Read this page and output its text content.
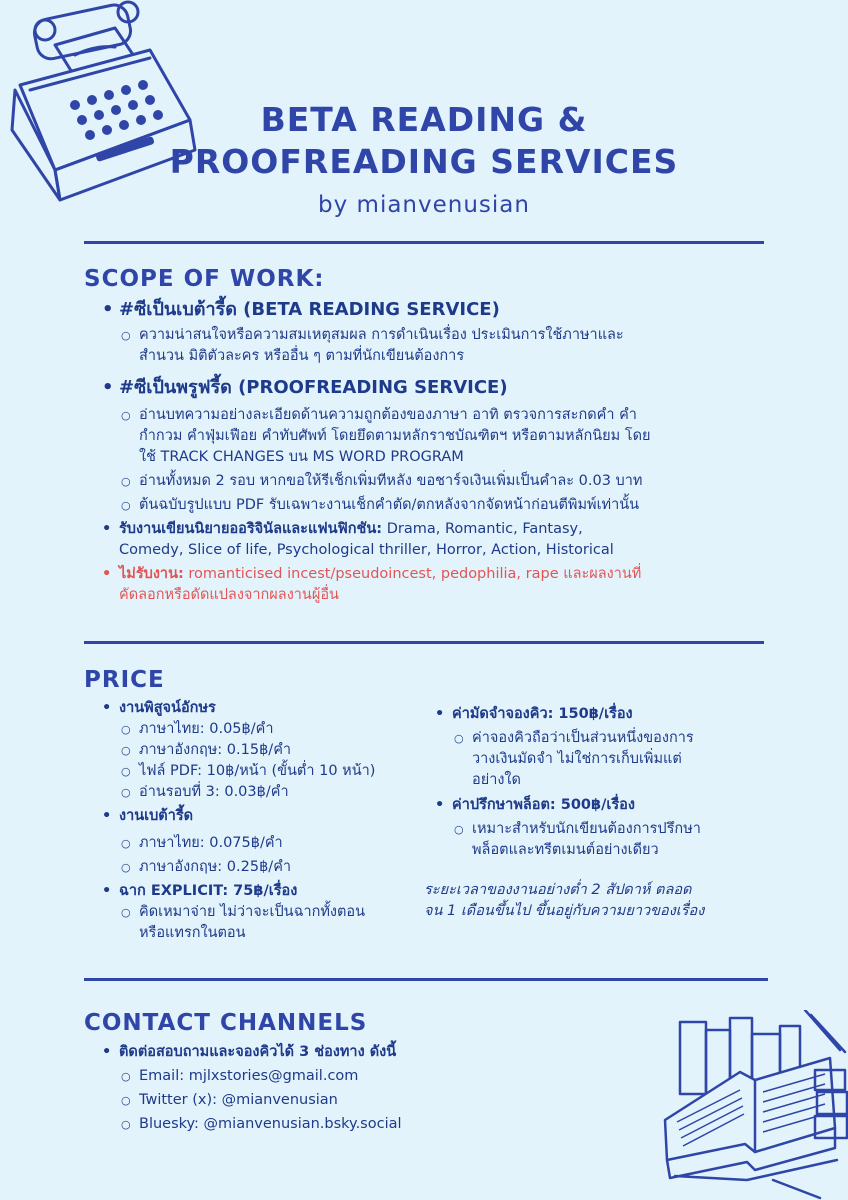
BETA READING &
PROOFREADING SERVICES
by mianvenusian
SCOPE OF WORK:
• #ซีเป็นเบต้ารี้ด (BETA READING SERVICE)
○ ความน่าสนใจหรือความสมเหตุสมผล การดำเนินเรื่อง ประเมินการใช้ภาษาและ
สำนวน มิติตัวละคร หรืออื่น ๆ ตามที่นักเขียนต้องการ
• #ซีเป็นพรูฟรี้ด (PROOFREADING SERVICE)
○ อ่านบทความอย่างละเอียดด้านความถูกต้องของภาษา อาทิ ตรวจการสะกดคำ คำ
กำกวม คำฟุ่มเฟือย คำทับศัพท์ โดยยึดตามหลักราชบัณฑิตฯ หรือตามหลักนิยม โดย
ใช้ TRACK CHANGES บน MS WORD PROGRAM
○ อ่านทั้งหมด 2 รอบ หากขอให้รีเช็กเพิ่มทีหลัง ขอชาร์จเงินเพิ่มเป็นคำละ 0.03 บาท
○ ต้นฉบับรูปแบบ PDF รับเฉพาะงานเช็กคำตัด/ตกหลังจากจัดหน้าก่อนตีพิมพ์เท่านั้น
• รับงานเขียนนิยายออริจินัลและแฟนฟิกชัน: Drama, Romantic, Fantasy,
Comedy, Slice of life, Psychological thriller, Horror, Action, Historical
• ไม่รับงาน: romanticised incest/pseudoincest, pedophilia, rape และผลงานที่
คัดลอกหรือดัดแปลงจากผลงานผู้อื่น
PRICE
• งานพิสูจน์อักษร
○ ภาษาไทย: 0.05฿/คำ
○ ภาษาอังกฤษ: 0.15฿/คำ
○ ไฟล์ PDF: 10฿/หน้า (ขั้นต่ำ 10 หน้า)
○ อ่านรอบที่ 3: 0.03฿/คำ
• งานเบต้ารี้ด
○ ภาษาไทย: 0.075฿/คำ
○ ภาษาอังกฤษ: 0.25฿/คำ
• ฉาก EXPLICIT: 75฿/เรื่อง
○ คิดเหมาจ่าย ไม่ว่าจะเป็นฉากทั้งตอน
หรือแทรกในตอน
• ค่ามัดจำจองคิว: 150฿/เรื่อง
○ ค่าจองคิวถือว่าเป็นส่วนหนึ่งของการ
วางเงินมัดจำ ไม่ใช่การเก็บเพิ่มแต่
อย่างใด
• ค่าปรึกษาพล็อต: 500฿/เรื่อง
○ เหมาะสำหรับนักเขียนต้องการปรึกษา
พล็อตและทรีตเมนต์อย่างเดียว
ระยะเวลาของงานอย่างต่ำ 2 สัปดาห์ ตลอด
จน 1 เดือนขึ้นไป ขึ้นอยู่กับความยาวของเรื่อง
CONTACT CHANNELS
• ติดต่อสอบถามและจองคิวได้ 3 ช่องทาง ดังนี้
○ Email: mjlxstories@gmail.com
○ Twitter (x): @mianvenusian
○ Bluesky: @mianvenusian.bsky.social
